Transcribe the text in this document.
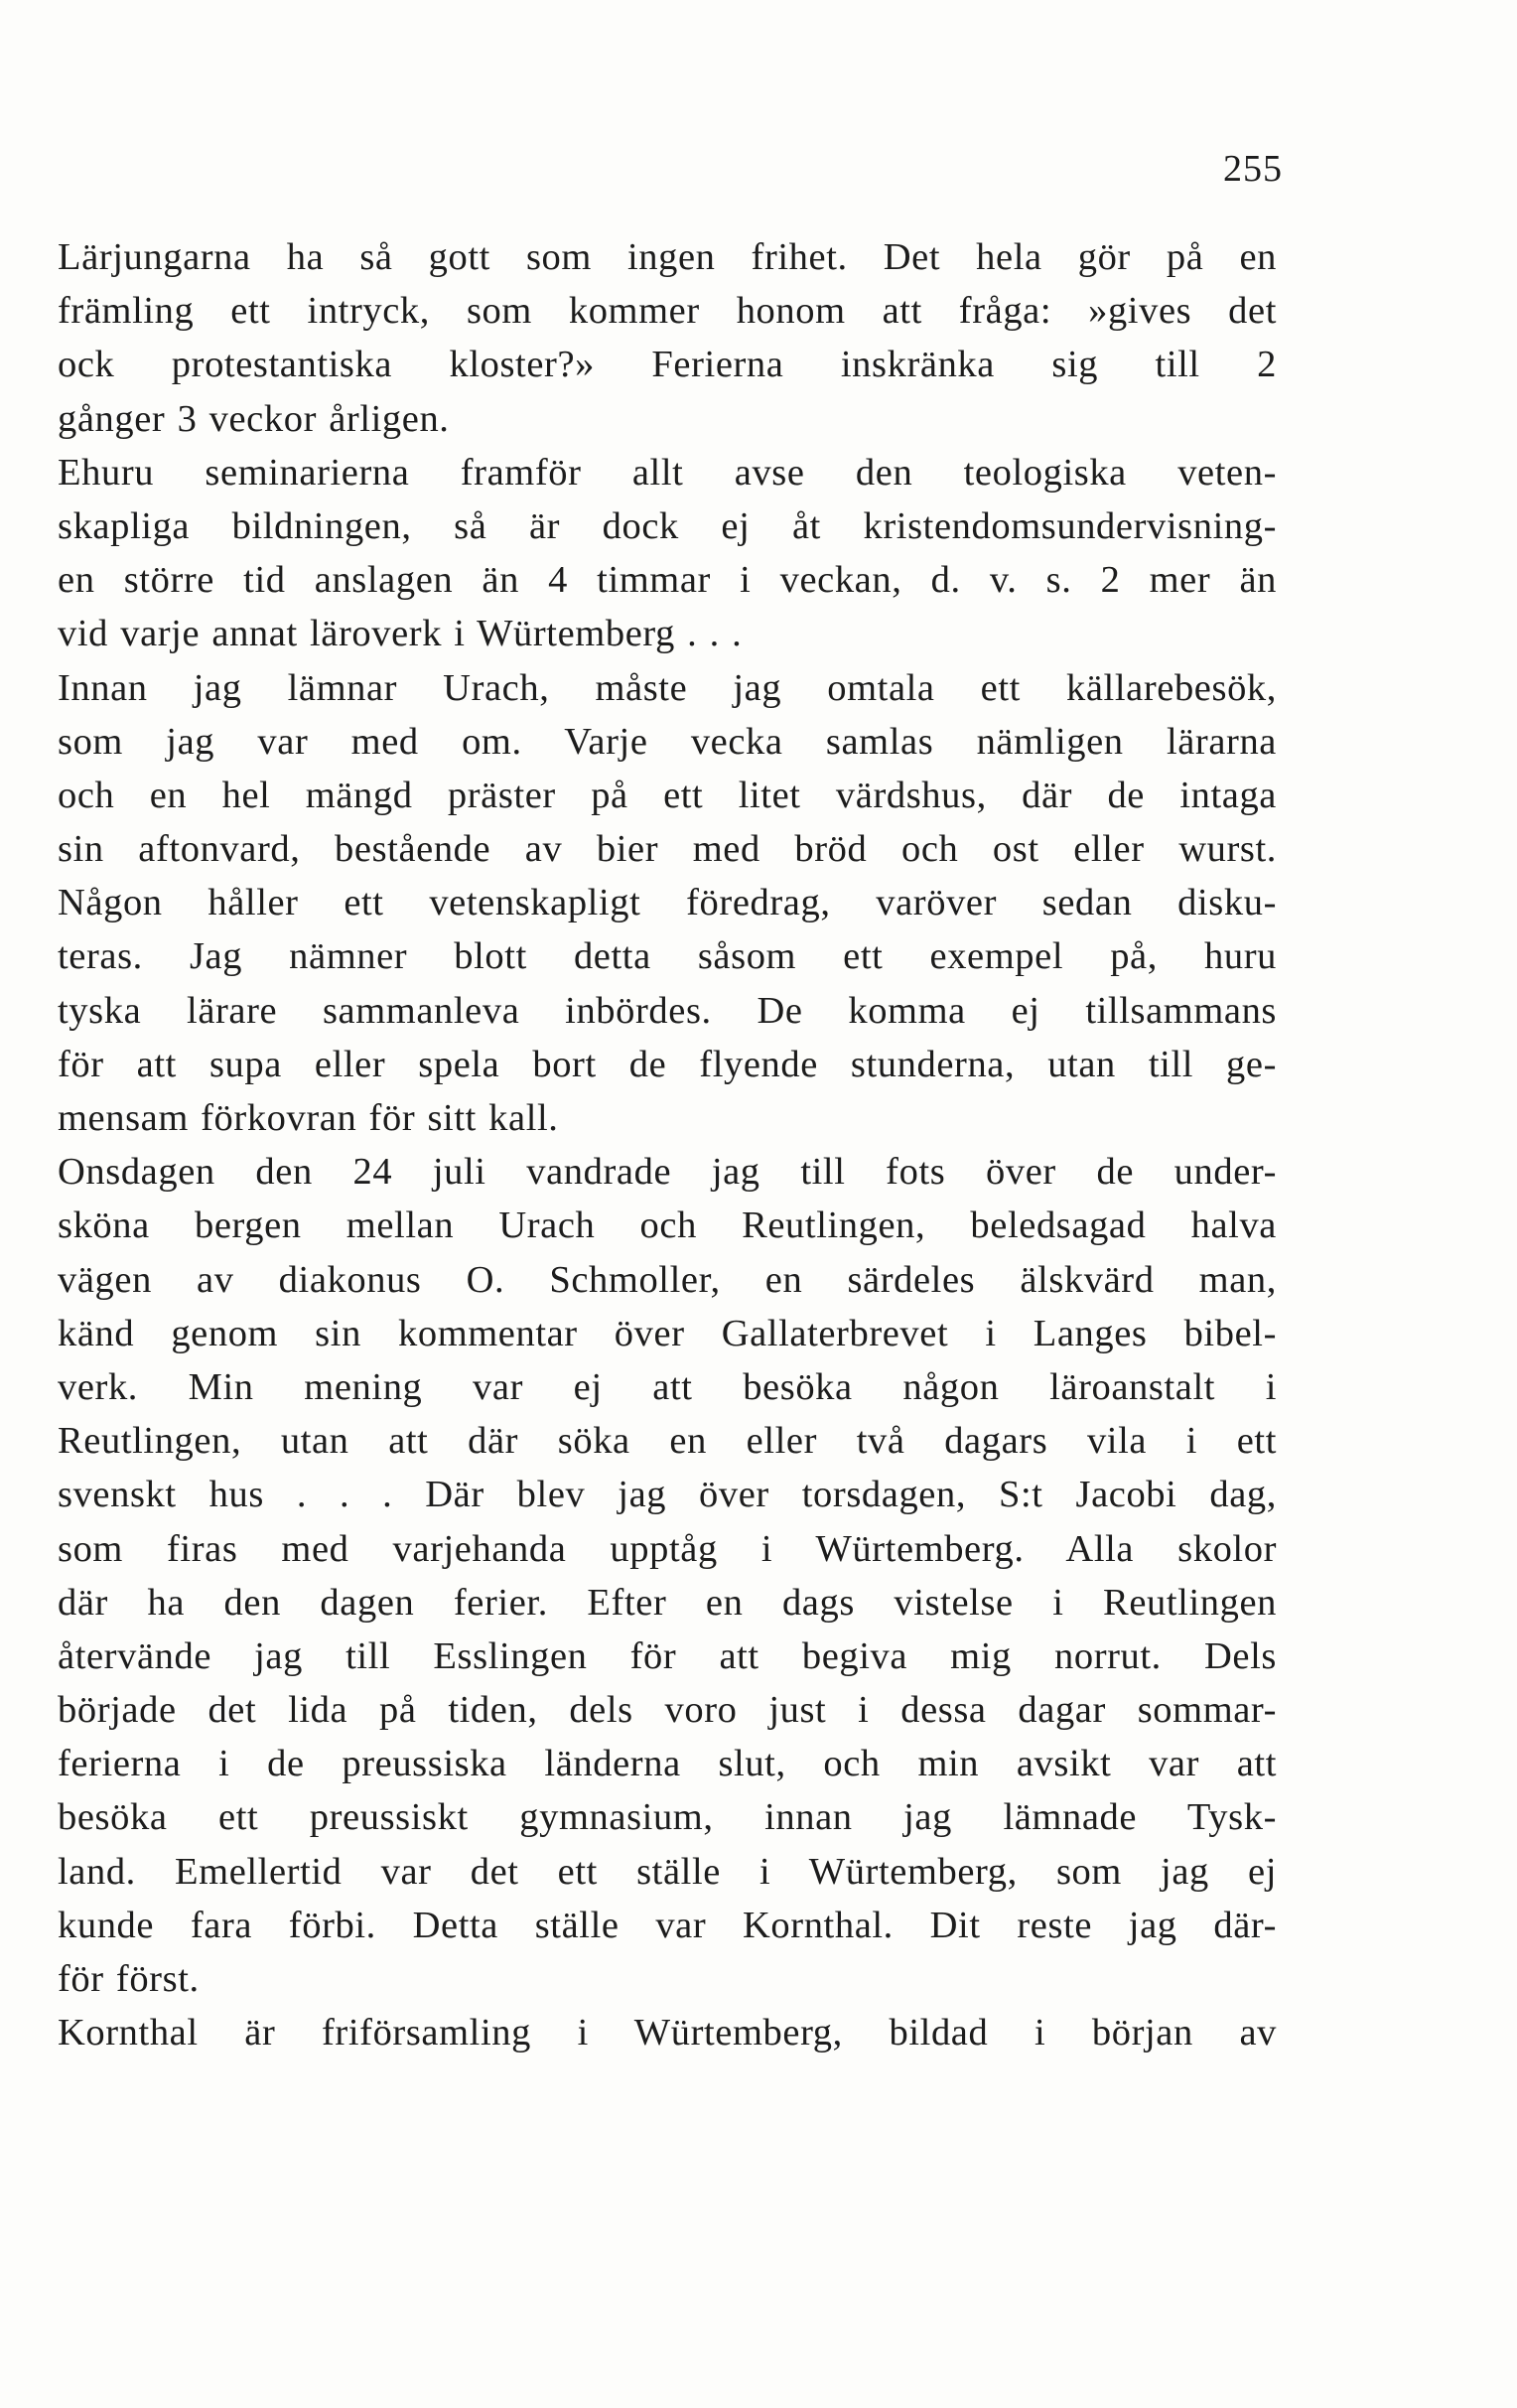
255
Lärjungarna ha så gott som ingen frihet. Det hela gör på en
främling ett intryck, som kommer honom att fråga: »gives det
ock protestantiska kloster?» Ferierna inskränka sig till 2
gånger 3 veckor årligen.
Ehuru seminarierna framför allt avse den teologiska veten-
skapliga bildningen, så är dock ej åt kristendomsundervisning-
en större tid anslagen än 4 timmar i veckan, d. v. s. 2 mer än
vid varje annat läroverk i Würtemberg . . .
Innan jag lämnar Urach, måste jag omtala ett källarebesök,
som jag var med om. Varje vecka samlas nämligen lärarna
och en hel mängd präster på ett litet värdshus, där de intaga
sin aftonvard, bestående av bier med bröd och ost eller wurst.
Någon håller ett vetenskapligt föredrag, varöver sedan disku-
teras. Jag nämner blott detta såsom ett exempel på, huru
tyska lärare sammanleva inbördes. De komma ej tillsammans
för att supa eller spela bort de flyende stunderna, utan till ge-
mensam förkovran för sitt kall.
Onsdagen den 24 juli vandrade jag till fots över de under-
sköna bergen mellan Urach och Reutlingen, beledsagad halva
vägen av diakonus O. Schmoller, en särdeles älskvärd man,
känd genom sin kommentar över Gallaterbrevet i Langes bibel-
verk. Min mening var ej att besöka någon läroanstalt i
Reutlingen, utan att där söka en eller två dagars vila i ett
svenskt hus . . . Där blev jag över torsdagen, S:t Jacobi dag,
som firas med varjehanda upptåg i Würtemberg. Alla skolor
där ha den dagen ferier. Efter en dags vistelse i Reutlingen
återvände jag till Esslingen för att begiva mig norrut. Dels
började det lida på tiden, dels voro just i dessa dagar sommar-
ferierna i de preussiska länderna slut, och min avsikt var att
besöka ett preussiskt gymnasium, innan jag lämnade Tysk-
land. Emellertid var det ett ställe i Würtemberg, som jag ej
kunde fara förbi. Detta ställe var Kornthal. Dit reste jag där-
för först.
Kornthal är friförsamling i Würtemberg, bildad i början av
